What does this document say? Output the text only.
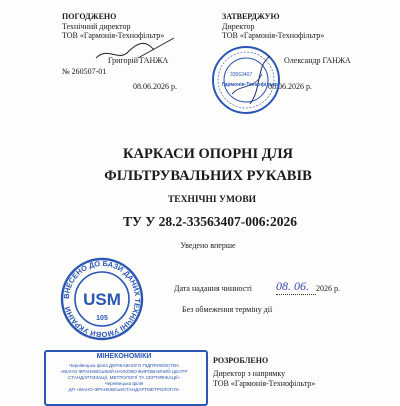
ПОГОДЖЕНО
Технічний директор
ТОВ «Гармонія-Технофільтр»
Григорій ГАНЖА
№ 260507-01
08.06.2026 р.
ЗАТВЕРДЖУЮ
Директор
ТОВ «Гармонія-Технофільтр»
Олександр ГАНЖА
08.06.2026 р.
33563407
Гармонія-Технофільтр
КАРКАСИ ОПОРНІ ДЛЯ
ФІЛЬТРУВАЛЬНИХ РУКАВІВ
ТЕХНІЧНІ УМОВИ
ТУ У 28.2-33563407-006:2026
Уведено вперше
Дата надання чинності 08. 06. 2026 р.
Без обмеження терміну дії
ВНЕСЕНО ДО БАЗИ ДАНИХ ТЕХНІЧНІ УМОВИ УКРАЇНИ
USM
105
МІНЕКОНОМІКИ
Чернівецька філія ДЕРЖАВНОГО ПІДПРИЄМСТВА
«ІВАНО-ФРАНКІВСЬКИЙ НАУКОВО-ВИРОБНИЧИЙ ЦЕНТР
СТАНДАРТИЗАЦІЇ, МЕТРОЛОГІЇ ТА СЕРТИФІКАЦІЇ»
Чернівецька філія
ДП «ІВАНО-ФРАНКІВСЬКСТАНДАРТМЕТРОЛОГІЯ»
РОЗРОБЛЕНО
Директор з напрямку
ТОВ «Гармонія-Технофільтр»
